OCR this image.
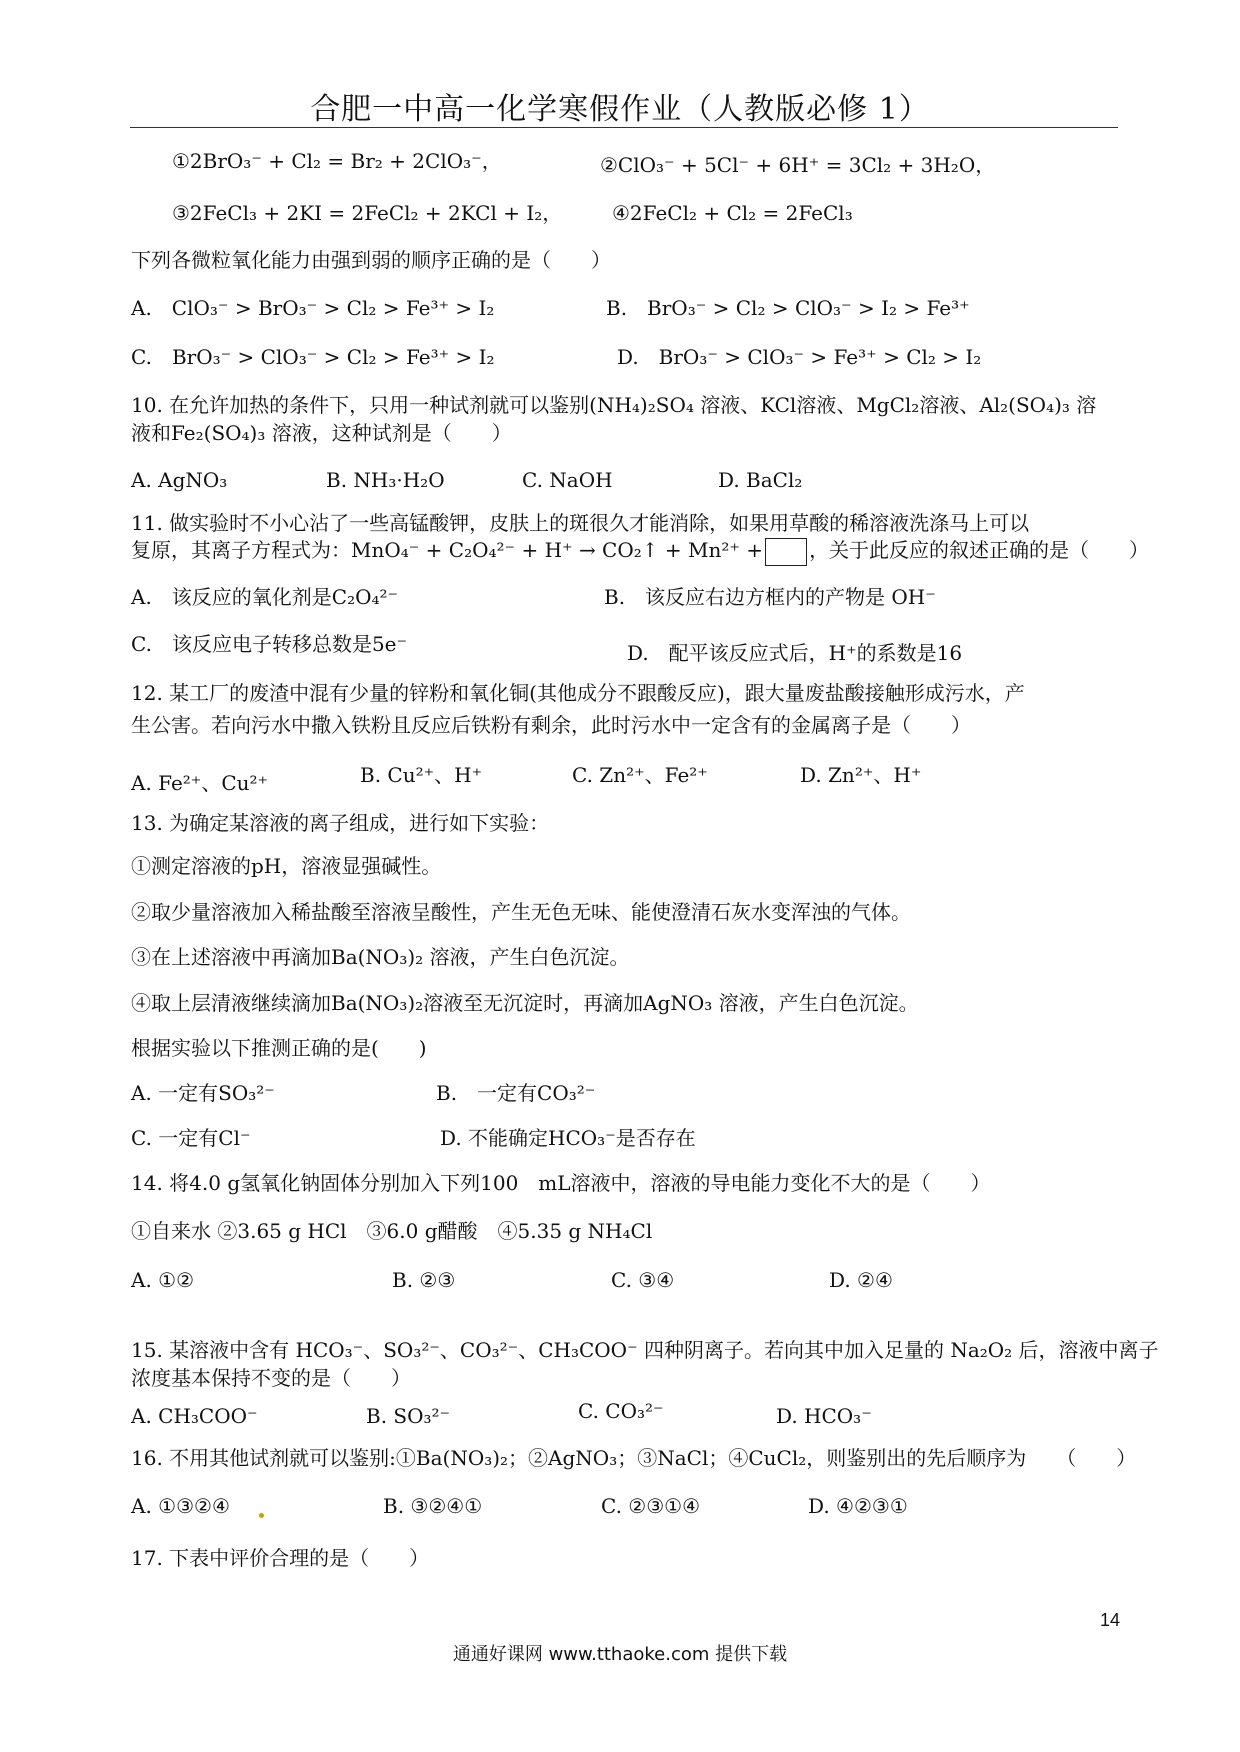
合肥一中高一化学寒假作业（人教版必修 1）
①2BrO₃⁻ + Cl₂ = Br₂ + 2ClO₃⁻，	②ClO₃⁻ + 5Cl⁻ + 6H⁺ = 3Cl₂ + 3H₂O，
③2FeCl₃ + 2KI = 2FeCl₂ + 2KCl + I₂， ④2FeCl₂ + Cl₂ = 2FeCl₃
下列各微粒氧化能力由强到弱的顺序正确的是（　　）
A.　ClO₃⁻ > BrO₃⁻ > Cl₂ > Fe³⁺ > I₂	B.　BrO₃⁻ > Cl₂ > ClO₃⁻ > I₂ > Fe³⁺
C.　BrO₃⁻ > ClO₃⁻ > Cl₂ > Fe³⁺ > I₂	D.　BrO₃⁻ > ClO₃⁻ > Fe³⁺ > Cl₂ > I₂
10. 在允许加热的条件下，只用一种试剂就可以鉴别(NH₄)₂SO₄ 溶液、KCl溶液、MgCl₂溶液、Al₂(SO₄)₃ 溶
液和Fe₂(SO₄)₃ 溶液，这种试剂是（　　）
A. AgNO₃	B. NH₃·H₂O	C. NaOH	D. BaCl₂
11. 做实验时不小心沾了一些高锰酸钾，皮肤上的斑很久才能消除，如果用草酸的稀溶液洗涤马上可以
复原，其离子方程式为：MnO₄⁻ + C₂O₄²⁻ + H⁺ → CO₂↑ + Mn²⁺ + ，关于此反应的叙述正确的是（　　）
A.　该反应的氧化剂是C₂O₄²⁻	B.　该反应右边方框内的产物是 OH⁻
C.　该反应电子转移总数是5e⁻	D.　配平该反应式后，H⁺的系数是16
12. 某工厂的废渣中混有少量的锌粉和氧化铜(其他成分不跟酸反应)，跟大量废盐酸接触形成污水，产
生公害。若向污水中撒入铁粉且反应后铁粉有剩余，此时污水中一定含有的金属离子是（　　）
A. Fe²⁺、Cu²⁺	B. Cu²⁺、H⁺	C. Zn²⁺、Fe²⁺	D. Zn²⁺、H⁺
13. 为确定某溶液的离子组成，进行如下实验：
①测定溶液的pH，溶液显强碱性。
②取少量溶液加入稀盐酸至溶液呈酸性，产生无色无味、能使澄清石灰水变浑浊的气体。
③在上述溶液中再滴加Ba(NO₃)₂ 溶液，产生白色沉淀。
④取上层清液继续滴加Ba(NO₃)₂溶液至无沉淀时，再滴加AgNO₃ 溶液，产生白色沉淀。
根据实验以下推测正确的是(　　)
A. 一定有SO₃²⁻	B.　一定有CO₃²⁻
C. 一定有Cl⁻	D. 不能确定HCO₃⁻是否存在
14. 将4.0 g氢氧化钠固体分别加入下列100　mL溶液中，溶液的导电能力变化不大的是（　　）
①自来水 ②3.65 g HCl　③6.0 g醋酸　④5.35 g NH₄Cl
A. ①②	B. ②③	C. ③④	D. ②④
15. 某溶液中含有 HCO₃⁻、SO₃²⁻、CO₃²⁻、CH₃COO⁻ 四种阴离子。若向其中加入足量的 Na₂O₂ 后，溶液中离子
浓度基本保持不变的是（　　）
A. CH₃COO⁻	B. SO₃²⁻	C. CO₃²⁻	D. HCO₃⁻
16. 不用其他试剂就可以鉴别:①Ba(NO₃)₂；②AgNO₃；③NaCl；④CuCl₂，则鉴别出的先后顺序为　　（　　）
A. ①③②④	B. ③②④①	C. ②③①④	D. ④②③①
17. 下表中评价合理的是（　　）
14
通通好课网 www.tthaoke.com 提供下载
